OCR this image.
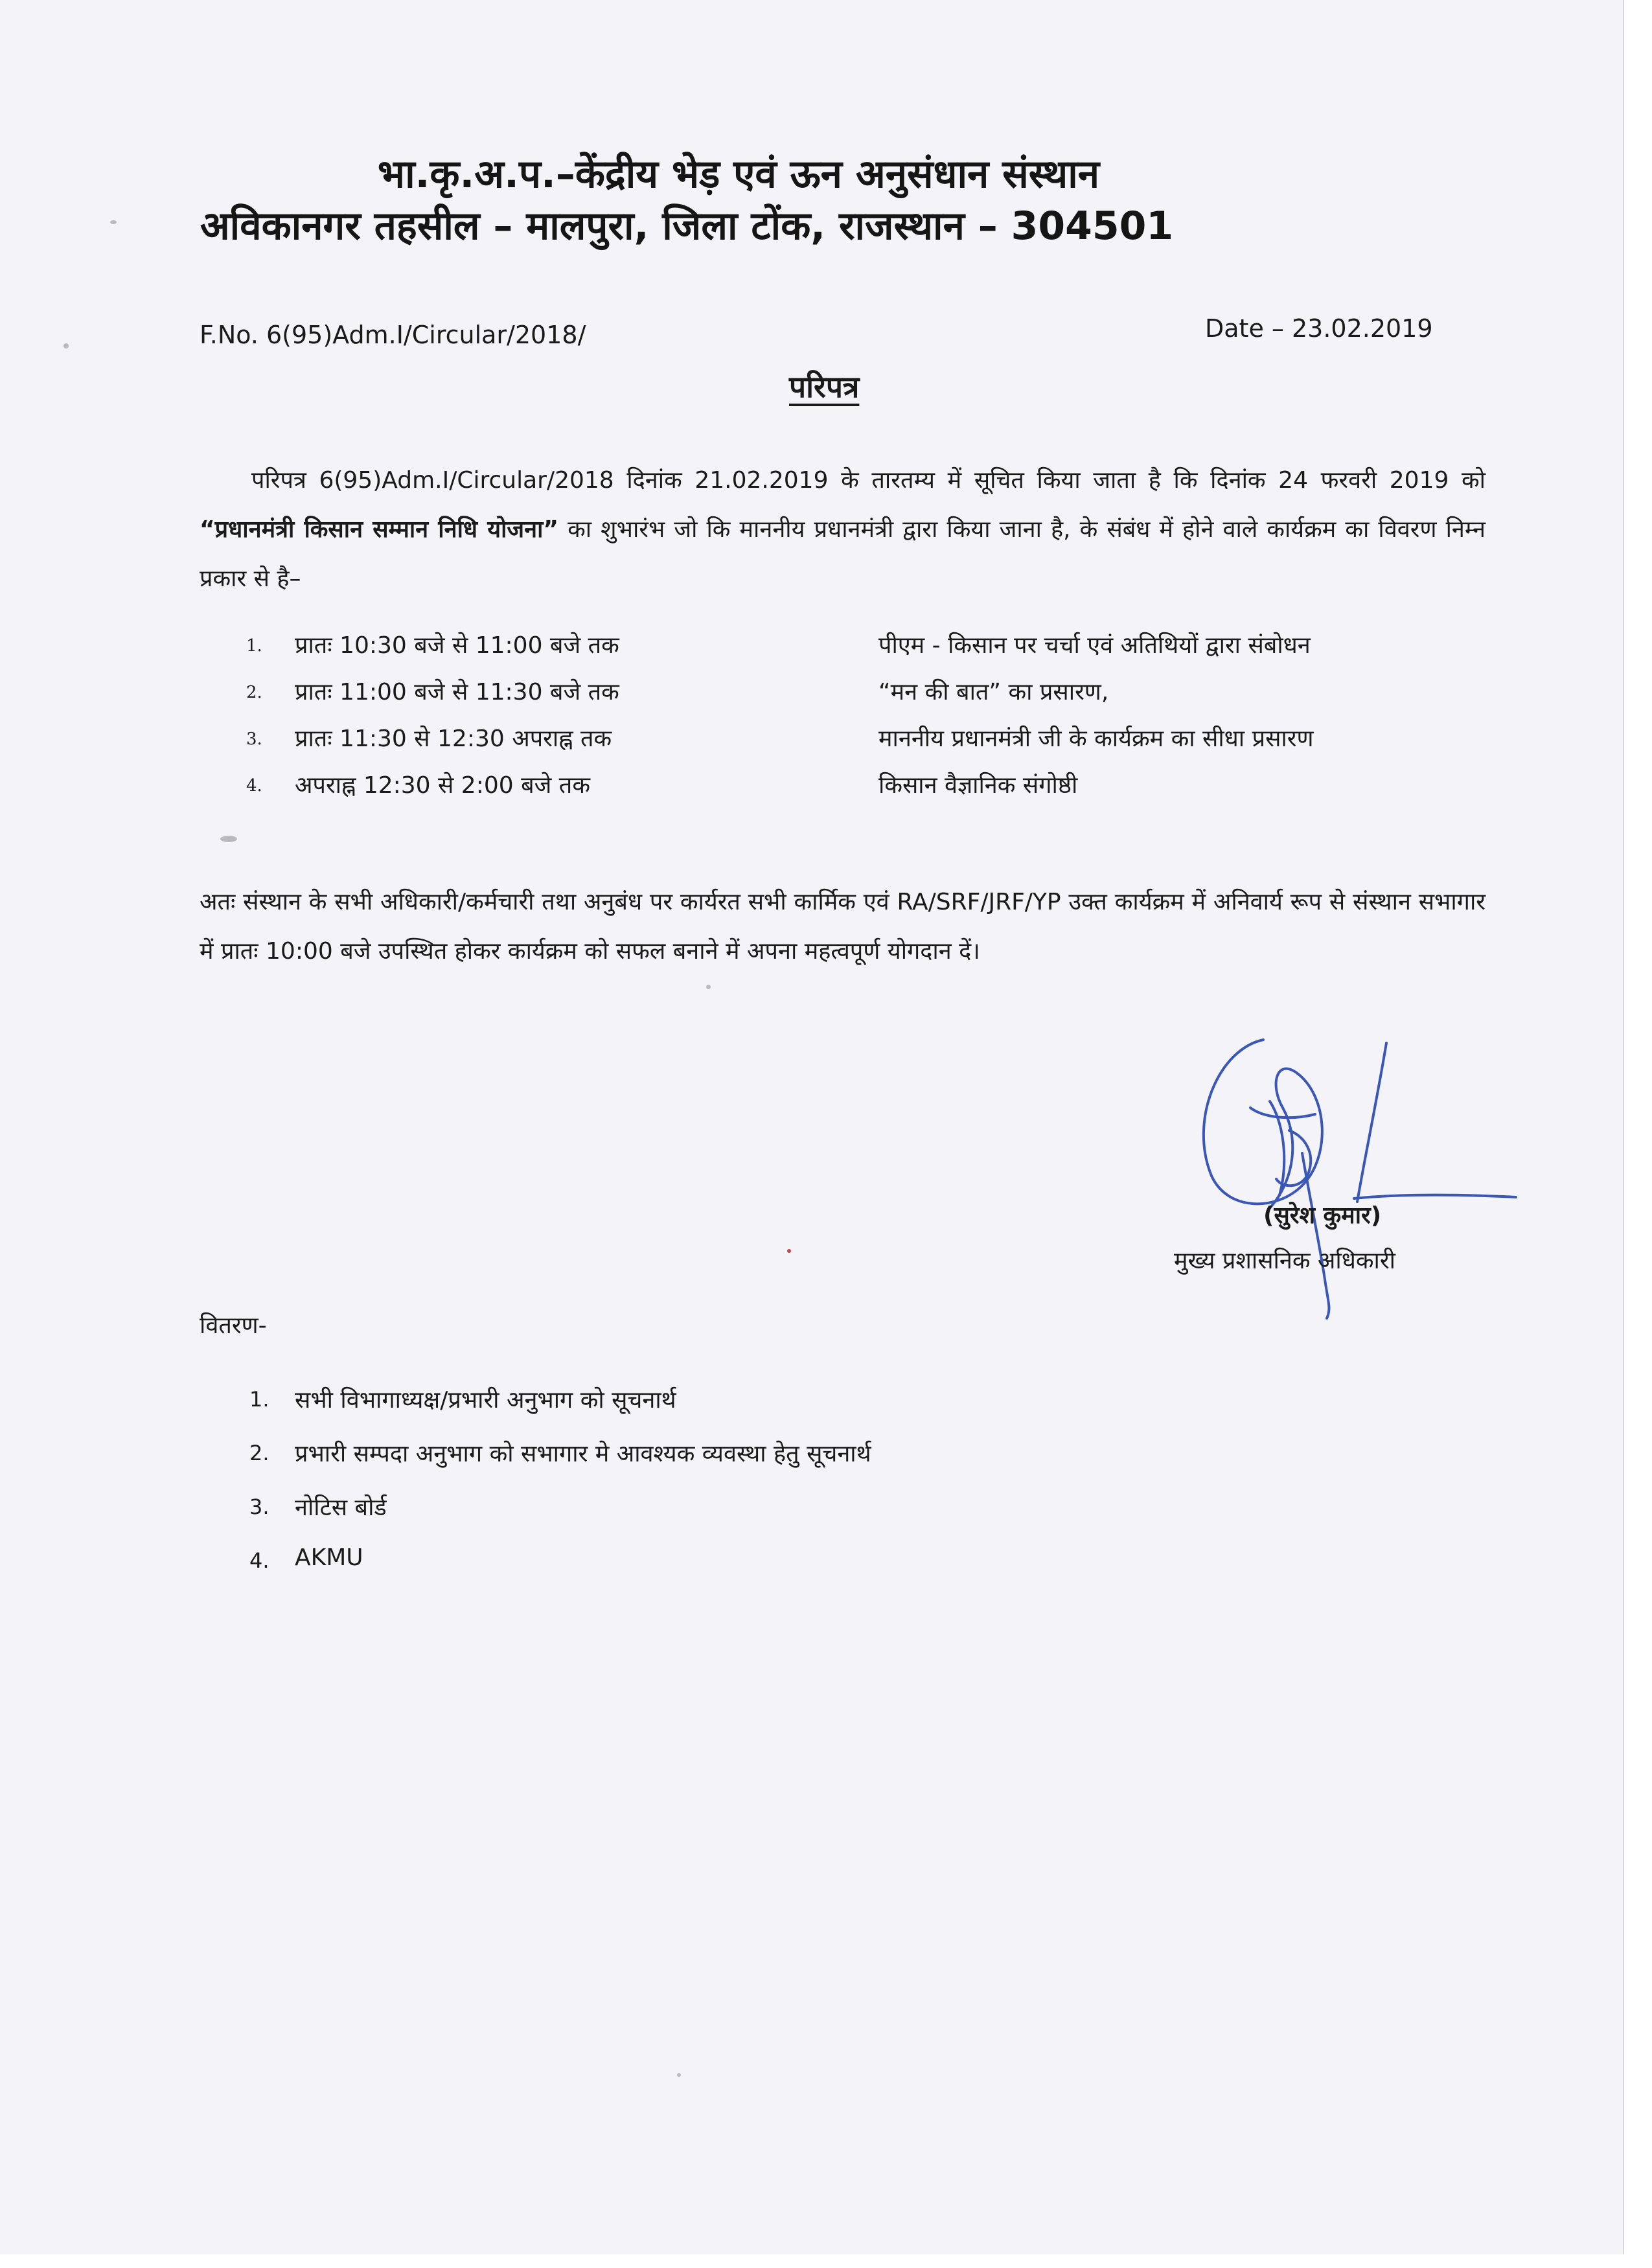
भा.कृ.अ.प.–केंद्रीय भेड़ एवं ऊन अनुसंधान संस्थान
अविकानगर तहसील – मालपुरा, जिला टोंक, राजस्थान – 304501
F.No. 6(95)Adm.I/Circular/2018/	Date – 23.02.2019
परिपत्र
परिपत्र 6(95)Adm.I/Circular/2018 दिनांक 21.02.2019 के तारतम्य में सूचित किया जाता है कि दिनांक 24 फरवरी 2019 को “प्रधानमंत्री किसान सम्मान निधि योजना” का शुभारंभ जो कि माननीय प्रधानमंत्री द्वारा किया जाना है, के संबंध में होने वाले कार्यक्रम का विवरण निम्न प्रकार से है–
1. प्रातः 10:30 बजे से 11:00 बजे तक	पीएम - किसान पर चर्चा एवं अतिथियों द्वारा संबोधन
2. प्रातः 11:00 बजे से 11:30 बजे तक	“मन की बात” का प्रसारण,
3. प्रातः 11:30 से 12:30 अपराह्न तक	माननीय प्रधानमंत्री जी के कार्यक्रम का सीधा प्रसारण
4. अपराह्न 12:30 से 2:00 बजे तक	किसान वैज्ञानिक संगोष्ठी
अतः संस्थान के सभी अधिकारी/कर्मचारी तथा अनुबंध पर कार्यरत सभी कार्मिक एवं RA/SRF/JRF/YP उक्त कार्यक्रम में अनिवार्य रूप से संस्थान सभागार में प्रातः 10:00 बजे उपस्थित होकर कार्यक्रम को सफल बनाने में अपना महत्वपूर्ण योगदान दें।
(सुरेश कुमार)
मुख्य प्रशासनिक अधिकारी
वितरण-
1. सभी विभागाध्यक्ष/प्रभारी अनुभाग को सूचनार्थ
2. प्रभारी सम्पदा अनुभाग को सभागार मे आवश्यक व्यवस्था हेतु सूचनार्थ
3. नोटिस बोर्ड
4. AKMU
